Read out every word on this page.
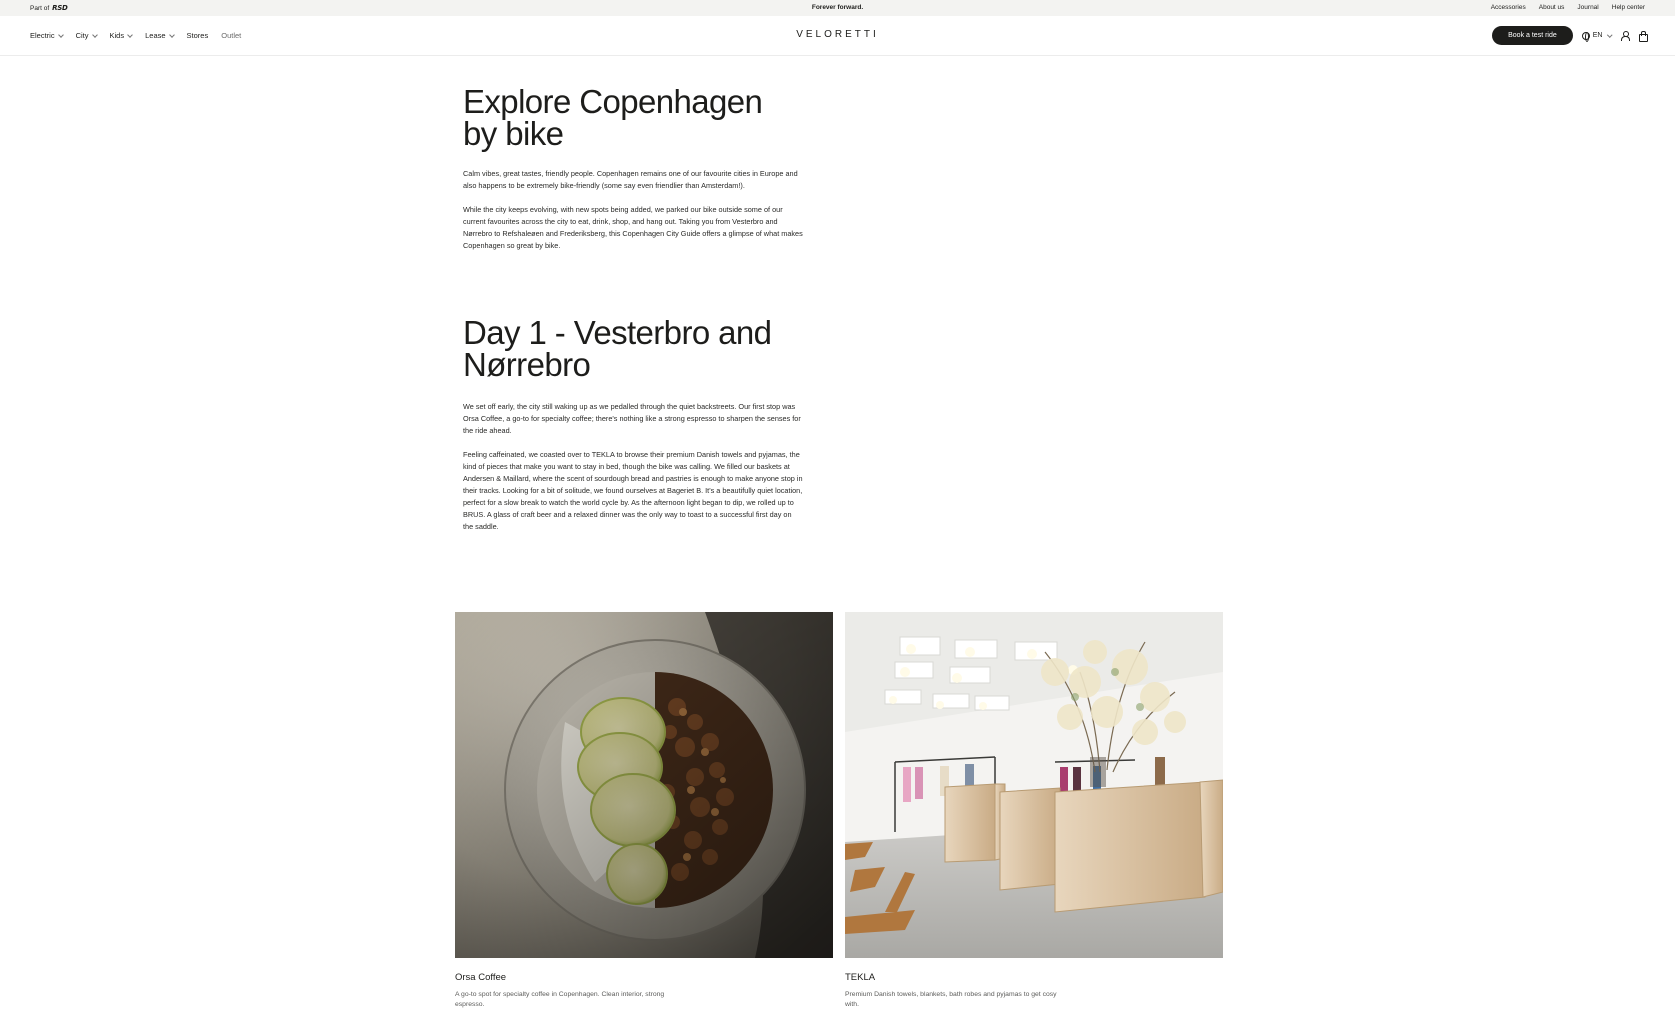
Part of RSD	Forever forward.	Accessories About us Journal Help center
Electric	City	Kids	Lease	Stores Outlet	VELORETTI	Book a test ride	EN
Explore Copenhagen by bike

Calm vibes, great tastes, friendly people. Copenhagen remains one of our favourite cities in Europe and also happens to be extremely bike-friendly (some say even friendlier than Amsterdam!).

While the city keeps evolving, with new spots being added, we parked our bike outside some of our current favourites across the city to eat, drink, shop, and hang out. Taking you from Vesterbro and Nørrebro to Refshaleøen and Frederiksberg, this Copenhagen City Guide offers a glimpse of what makes Copenhagen so great by bike.

Day 1 - Vesterbro and Nørrebro

We set off early, the city still waking up as we pedalled through the quiet backstreets. Our first stop was Orsa Coffee, a go-to for specialty coffee; there's nothing like a strong espresso to sharpen the senses for the ride ahead.

Feeling caffeinated, we coasted over to TEKLA to browse their premium Danish towels and pyjamas, the kind of pieces that make you want to stay in bed, though the bike was calling. We filled our baskets at Andersen & Maillard, where the scent of sourdough bread and pastries is enough to make anyone stop in their tracks. Looking for a bit of solitude, we found ourselves at Bageriet B. It's a beautifully quiet location, perfect for a slow break to watch the world cycle by. As the afternoon light began to dip, we rolled up to BRUS. A glass of craft beer and a relaxed dinner was the only way to toast to a successful first day on the saddle.

Orsa Coffee
A go-to spot for specialty coffee in Copenhagen. Clean interior, strong espresso.
TEKLA
Premium Danish towels, blankets, bath robes and pyjamas to get cosy with.
